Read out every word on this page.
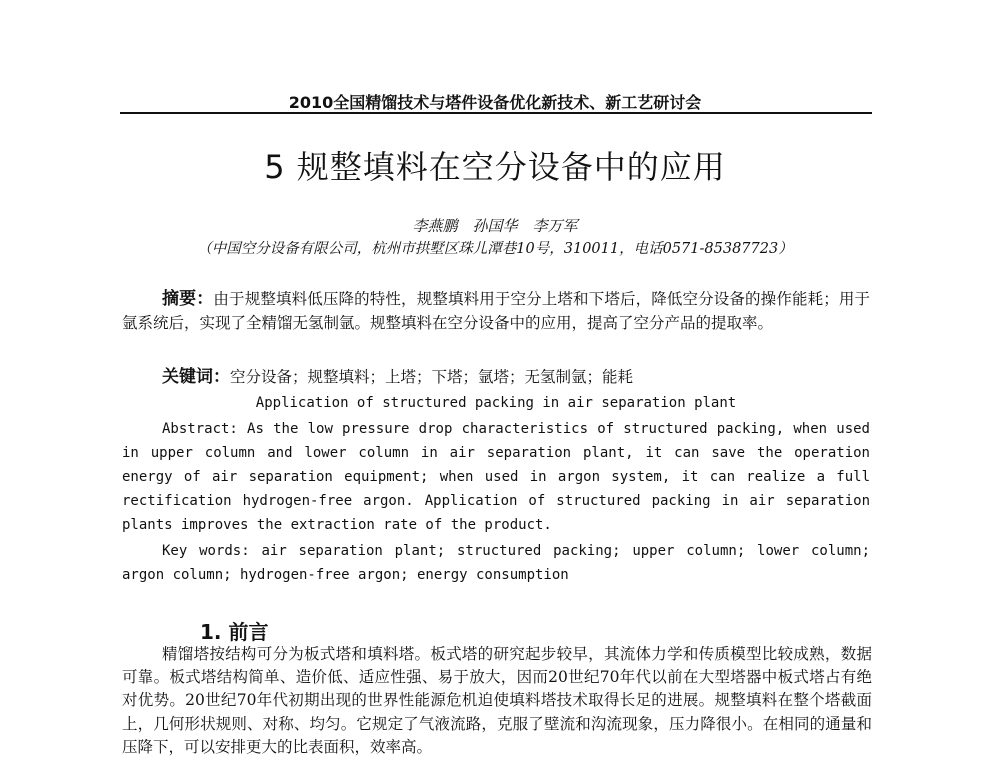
2010全国精馏技术与塔件设备优化新技术、新工艺研讨会
5 规整填料在空分设备中的应用
李燕鹏　孙国华　李万军
（中国空分设备有限公司，杭州市拱墅区珠儿潭巷10号，310011，电话0571-85387723）
摘要：由于规整填料低压降的特性，规整填料用于空分上塔和下塔后，降低空分设备的操作能耗；用于氩系统后，实现了全精馏无氢制氩。规整填料在空分设备中的应用，提高了空分产品的提取率。
关键词：空分设备；规整填料；上塔；下塔；氩塔；无氢制氩；能耗
Application of structured packing in air separation plant
Abstract: As the low pressure drop characteristics of structured packing, when used in upper column and lower column in air separation plant, it can save the operation energy of air separation equipment; when used in argon system, it can realize a full rectification hydrogen-free argon. Application of structured packing in air separation plants improves the extraction rate of the product.
Key words: air separation plant; structured packing; upper column; lower column; argon column; hydrogen-free argon; energy consumption
1. 前言
精馏塔按结构可分为板式塔和填料塔。板式塔的研究起步较早，其流体力学和传质模型比较成熟，数据可靠。板式塔结构简单、造价低、适应性强、易于放大，因而20世纪70年代以前在大型塔器中板式塔占有绝对优势。20世纪70年代初期出现的世界性能源危机迫使填料塔技术取得长足的进展。规整填料在整个塔截面上，几何形状规则、对称、均匀。它规定了气液流路，克服了壁流和沟流现象，压力降很小。在相同的通量和压降下，可以安排更大的比表面积，效率高。
